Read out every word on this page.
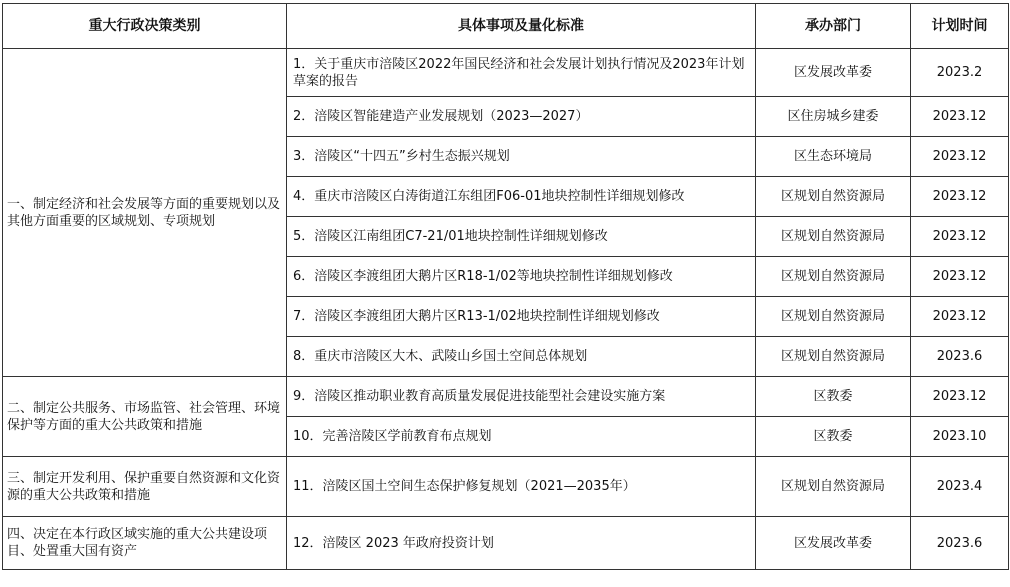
重大行政决策类别	具体事项及量化标准	承办部门	计划时间
一、制定经济和社会发展等方面的重要规划以及其他方面重要的区域规划、专项规划	1．关于重庆市涪陵区2022年国民经济和社会发展计划执行情况及2023年计划草案的报告	区发展改革委	2023.2
	2．涪陵区智能建造产业发展规划（2023—2027）	区住房城乡建委	2023.12
	3．涪陵区“十四五”乡村生态振兴规划	区生态环境局	2023.12
	4．重庆市涪陵区白涛街道江东组团F06-01地块控制性详细规划修改	区规划自然资源局	2023.12
	5．涪陵区江南组团C7-21/01地块控制性详细规划修改	区规划自然资源局	2023.12
	6．涪陵区李渡组团大鹅片区R18-1/02等地块控制性详细规划修改	区规划自然资源局	2023.12
	7．涪陵区李渡组团大鹅片区R13-1/02地块控制性详细规划修改	区规划自然资源局	2023.12
	8．重庆市涪陵区大木、武陵山乡国土空间总体规划	区规划自然资源局	2023.6
二、制定公共服务、市场监管、社会管理、环境保护等方面的重大公共政策和措施	9．涪陵区推动职业教育高质量发展促进技能型社会建设实施方案	区教委	2023.12
	10．完善涪陵区学前教育布点规划	区教委	2023.10
三、制定开发利用、保护重要自然资源和文化资源的重大公共政策和措施	11．涪陵区国土空间生态保护修复规划（2021—2035年）	区规划自然资源局	2023.4
四、决定在本行政区域实施的重大公共建设项目、处置重大国有资产	12．涪陵区 2023 年政府投资计划	区发展改革委	2023.6
